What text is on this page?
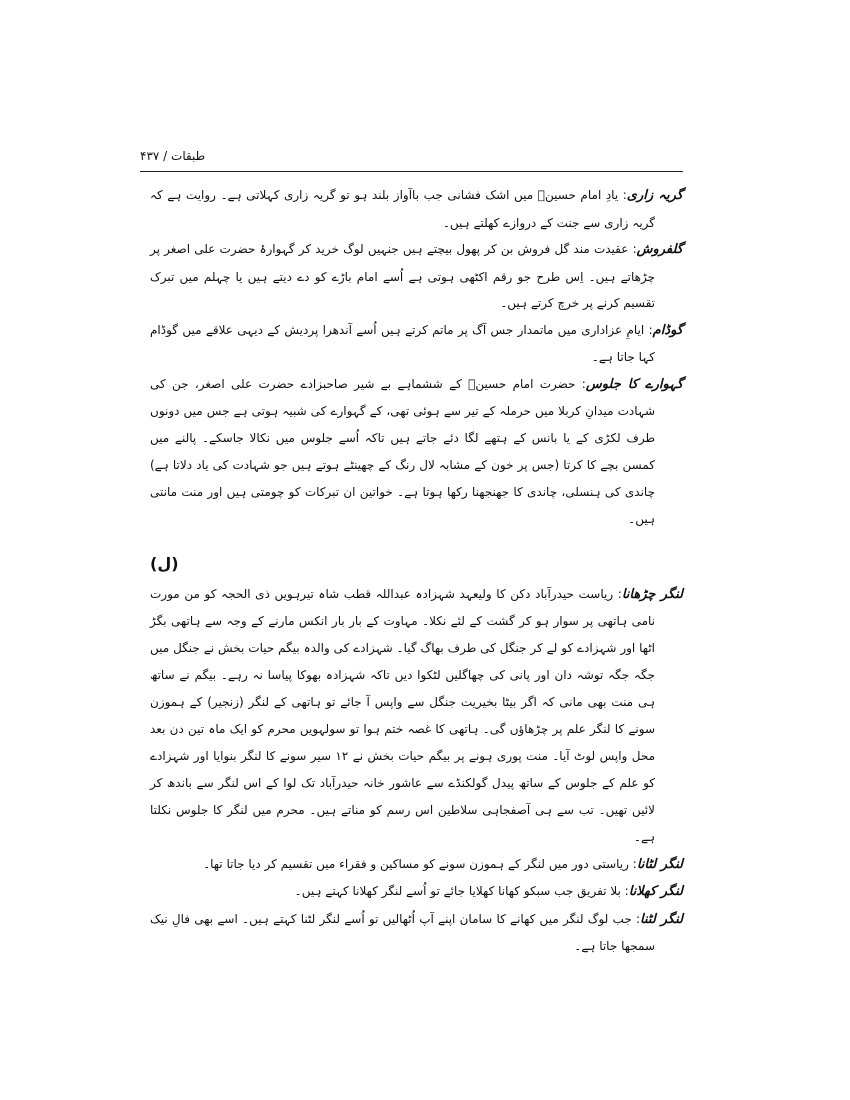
طبقات / ۴۳۷

گریہ زاری: یادِ امام حسینؑ میں اشک فشانی جب باآواز بلند ہو تو گریہ زاری کہلاتی ہے۔ روایت ہے کہ گریہ زاری سے جنت کے دروازے کھلتے ہیں۔

گلفروش: عقیدت مند گل فروش بن کر پھول بیچتے ہیں جنہیں لوگ خرید کر گہوارۂ حضرت علی اصغر پر چڑھاتے ہیں۔ اِس طرح جو رقم اکٹھی ہوتی ہے اُسے امام باڑے کو دے دیتے ہیں یا چہلم میں تبرک تقسیم کرنے پر خرچ کرتے ہیں۔

گوڈام: ایامِ عزاداری میں ماتمدار جس آگ پر ماتم کرتے ہیں اُسے آندھرا پردیش کے دیہی علاقے میں گوڈام کہا جاتا ہے۔

گہوارے کا جلوس: حضرت امام حسینؑ کے ششماہے بے شیر صاحبزادے حضرت علی اصغر، جن کی شہادت میدانِ کربلا میں حرملہ کے تیر سے ہوئی تھی، کے گہوارے کی شبیہ ہوتی ہے جس میں دونوں طرف لکڑی کے یا بانس کے ہتھے لگا دئے جاتے ہیں تاکہ اُسے جلوس میں نکالا جاسکے۔ پالنے میں کمسن بچے کا کرتا (جس پر خون کے مشابہ لال رنگ کے چھینٹے ہوتے ہیں جو شہادت کی یاد دلاتا ہے) چاندی کی ہنسلی، چاندی کا جھنجھنا رکھا ہوتا ہے۔ خواتین ان تبرکات کو چومتی ہیں اور منت مانتی ہیں۔

(ل)

لنگر چڑھانا: ریاست حیدرآباد دکن کا ولیعہد شہزادہ عبداللہ قطب شاہ تیرہویں ذی الحجہ کو من مورت نامی ہاتھی پر سوار ہو کر گشت کے لئے نکلا۔ مہاوت کے بار بار انکس مارنے کے وجہ سے ہاتھی بگڑ اٹھا اور شہزادے کو لے کر جنگل کی طرف بھاگ گیا۔ شہزادے کی والدہ بیگم حیات بخش نے جنگل میں جگہ جگہ توشہ دان اور پانی کی چھاگلیں لٹکوا دیں تاکہ شہزادہ بھوکا پیاسا نہ رہے۔ بیگم نے ساتھ ہی منت بھی مانی کہ اگر بیٹا بخیریت جنگل سے واپس آ جائے تو ہاتھی کے لنگر (زنجیر) کے ہموزن سونے کا لنگر علم پر چڑھاؤں گی۔ ہاتھی کا غصہ ختم ہوا تو سولہویں محرم کو ایک ماہ تین دن بعد محل واپس لوٹ آیا۔ منت پوری ہونے پر بیگم حیات بخش نے ۱۲ سیر سونے کا لنگر بنوایا اور شہزادے کو علم کے جلوس کے ساتھ پیدل گولکنڈے سے عاشور خانہ حیدرآباد تک لوا کے اس لنگر سے باندھ کر لائیں تھیں۔ تب سے ہی آصفجاہی سلاطین اس رسم کو مناتے ہیں۔ محرم میں لنگر کا جلوس نکلتا ہے۔

لنگر لٹانا: ریاستی دور میں لنگر کے ہموزن سونے کو مساکین و فقراء میں تقسیم کر دیا جاتا تھا۔

لنگر کھلانا: بلا تفریق جب سبکو کھانا کھلایا جائے تو اُسے لنگر کھلانا کہتے ہیں۔

لنگر لٹنا: جب لوگ لنگر میں کھانے کا سامان اپنے آپ اُٹھالیں تو اُسے لنگر لٹنا کہتے ہیں۔ اسے بھی فالِ نیک سمجھا جاتا ہے۔
